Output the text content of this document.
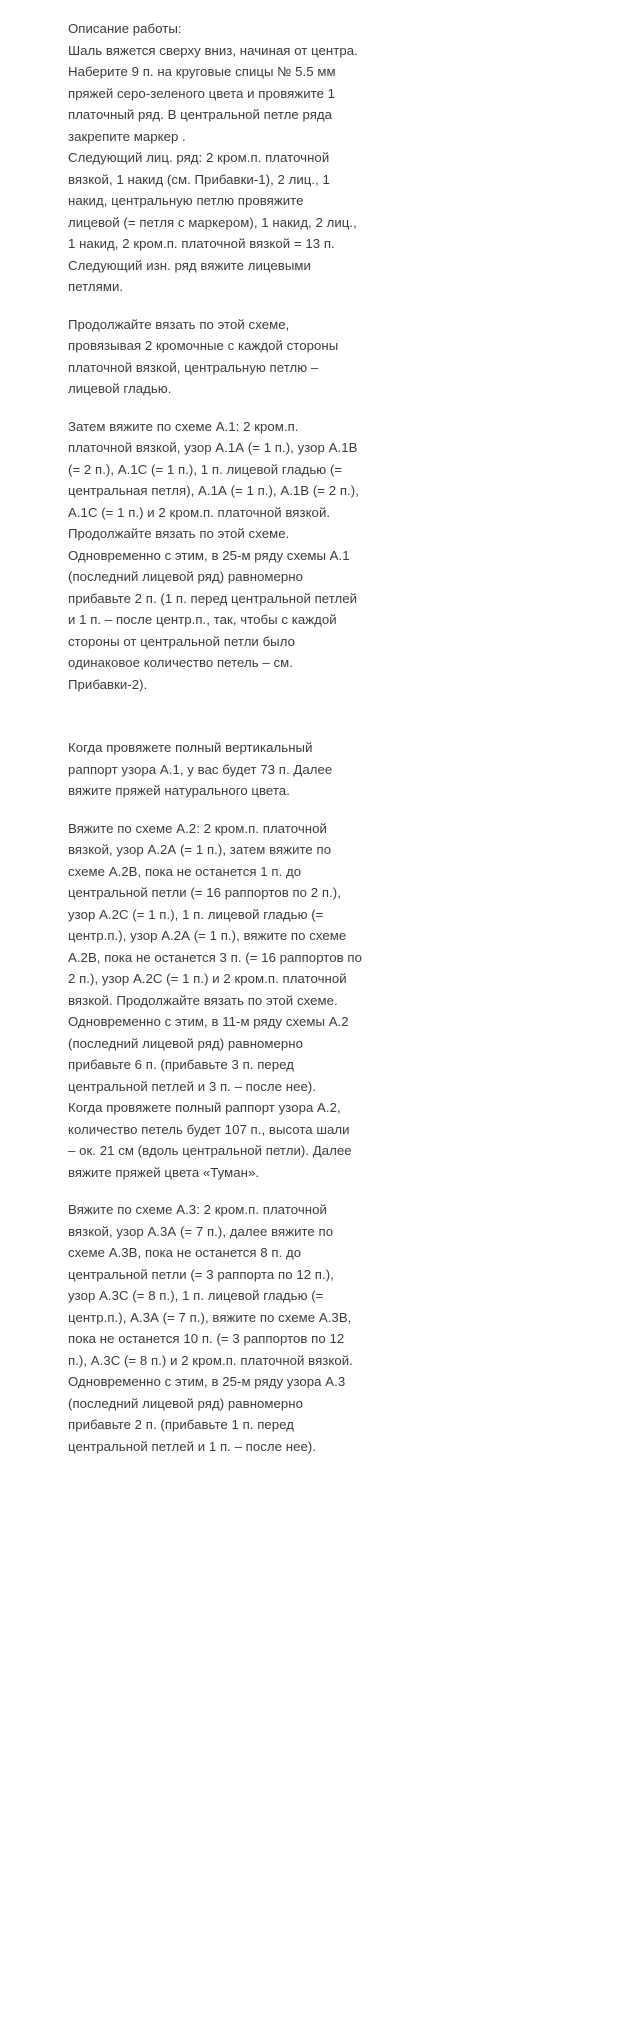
Описание работы:
Шаль вяжется сверху вниз, начиная от центра.
Наберите 9 п. на круговые спицы № 5.5 мм
пряжей серо-зеленого цвета и провяжите 1
платочный ряд. В центральной петле ряда
закрепите маркер .
Следующий лиц. ряд: 2 кром.п. платочной
вязкой, 1 накид (см. Прибавки-1), 2 лиц., 1
накид, центральную петлю провяжите
лицевой (= петля с маркером), 1 накид, 2 лиц.,
1 накид, 2 кром.п. платочной вязкой = 13 п.
Следующий изн. ряд вяжите лицевыми
петлями.
Продолжайте вязать по этой схеме,
провязывая 2 кромочные с каждой стороны
платочной вязкой, центральную петлю –
лицевой гладью.
Затем вяжите по схеме А.1: 2 кром.п.
платочной вязкой, узор А.1А (= 1 п.), узор А.1В
(= 2 п.), А.1С (= 1 п.), 1 п. лицевой гладью (=
центральная петля), А.1А (= 1 п.), А.1В (= 2 п.),
А.1С (= 1 п.) и 2 кром.п. платочной вязкой.
Продолжайте вязать по этой схеме.
Одновременно с этим, в 25-м ряду схемы А.1
(последний лицевой ряд) равномерно
прибавьте 2 п. (1 п. перед центральной петлей
и 1 п. – после центр.п., так, чтобы с каждой
стороны от центральной петли было
одинаковое количество петель – см.
Прибавки-2).
Когда провяжете полный вертикальный
раппорт узора А.1, у вас будет 73 п. Далее
вяжите пряжей натурального цвета.
Вяжите по схеме А.2: 2 кром.п. платочной
вязкой, узор А.2А (= 1 п.), затем вяжите по
схеме А.2В, пока не останется 1 п. до
центральной петли (= 16 раппортов по 2 п.),
узор А.2С (= 1 п.), 1 п. лицевой гладью (=
центр.п.), узор А.2А (= 1 п.), вяжите по схеме
А.2В, пока не останется 3 п. (= 16 раппортов по
2 п.), узор А.2С (= 1 п.) и 2 кром.п. платочной
вязкой. Продолжайте вязать по этой схеме.
Одновременно с этим, в 11-м ряду схемы А.2
(последний лицевой ряд) равномерно
прибавьте 6 п. (прибавьте 3 п. перед
центральной петлей и 3 п. – после нее).
Когда провяжете полный раппорт узора А.2,
количество петель будет 107 п., высота шали
– ок. 21 см (вдоль центральной петли). Далее
вяжите пряжей цвета «Туман».
Вяжите по схеме А.3: 2 кром.п. платочной
вязкой, узор А.3А (= 7 п.), далее вяжите по
схеме А.3В, пока не останется 8 п. до
центральной петли (= 3 раппорта по 12 п.),
узор А.3С (= 8 п.), 1 п. лицевой гладью (=
центр.п.), А.3А (= 7 п.), вяжите по схеме А.3В,
пока не останется 10 п. (= 3 раппортов по 12
п.), А.3С (= 8 п.) и 2 кром.п. платочной вязкой.
Одновременно с этим, в 25-м ряду узора А.3
(последний лицевой ряд) равномерно
прибавьте 2 п. (прибавьте 1 п. перед
центральной петлей и 1 п. – после нее).
